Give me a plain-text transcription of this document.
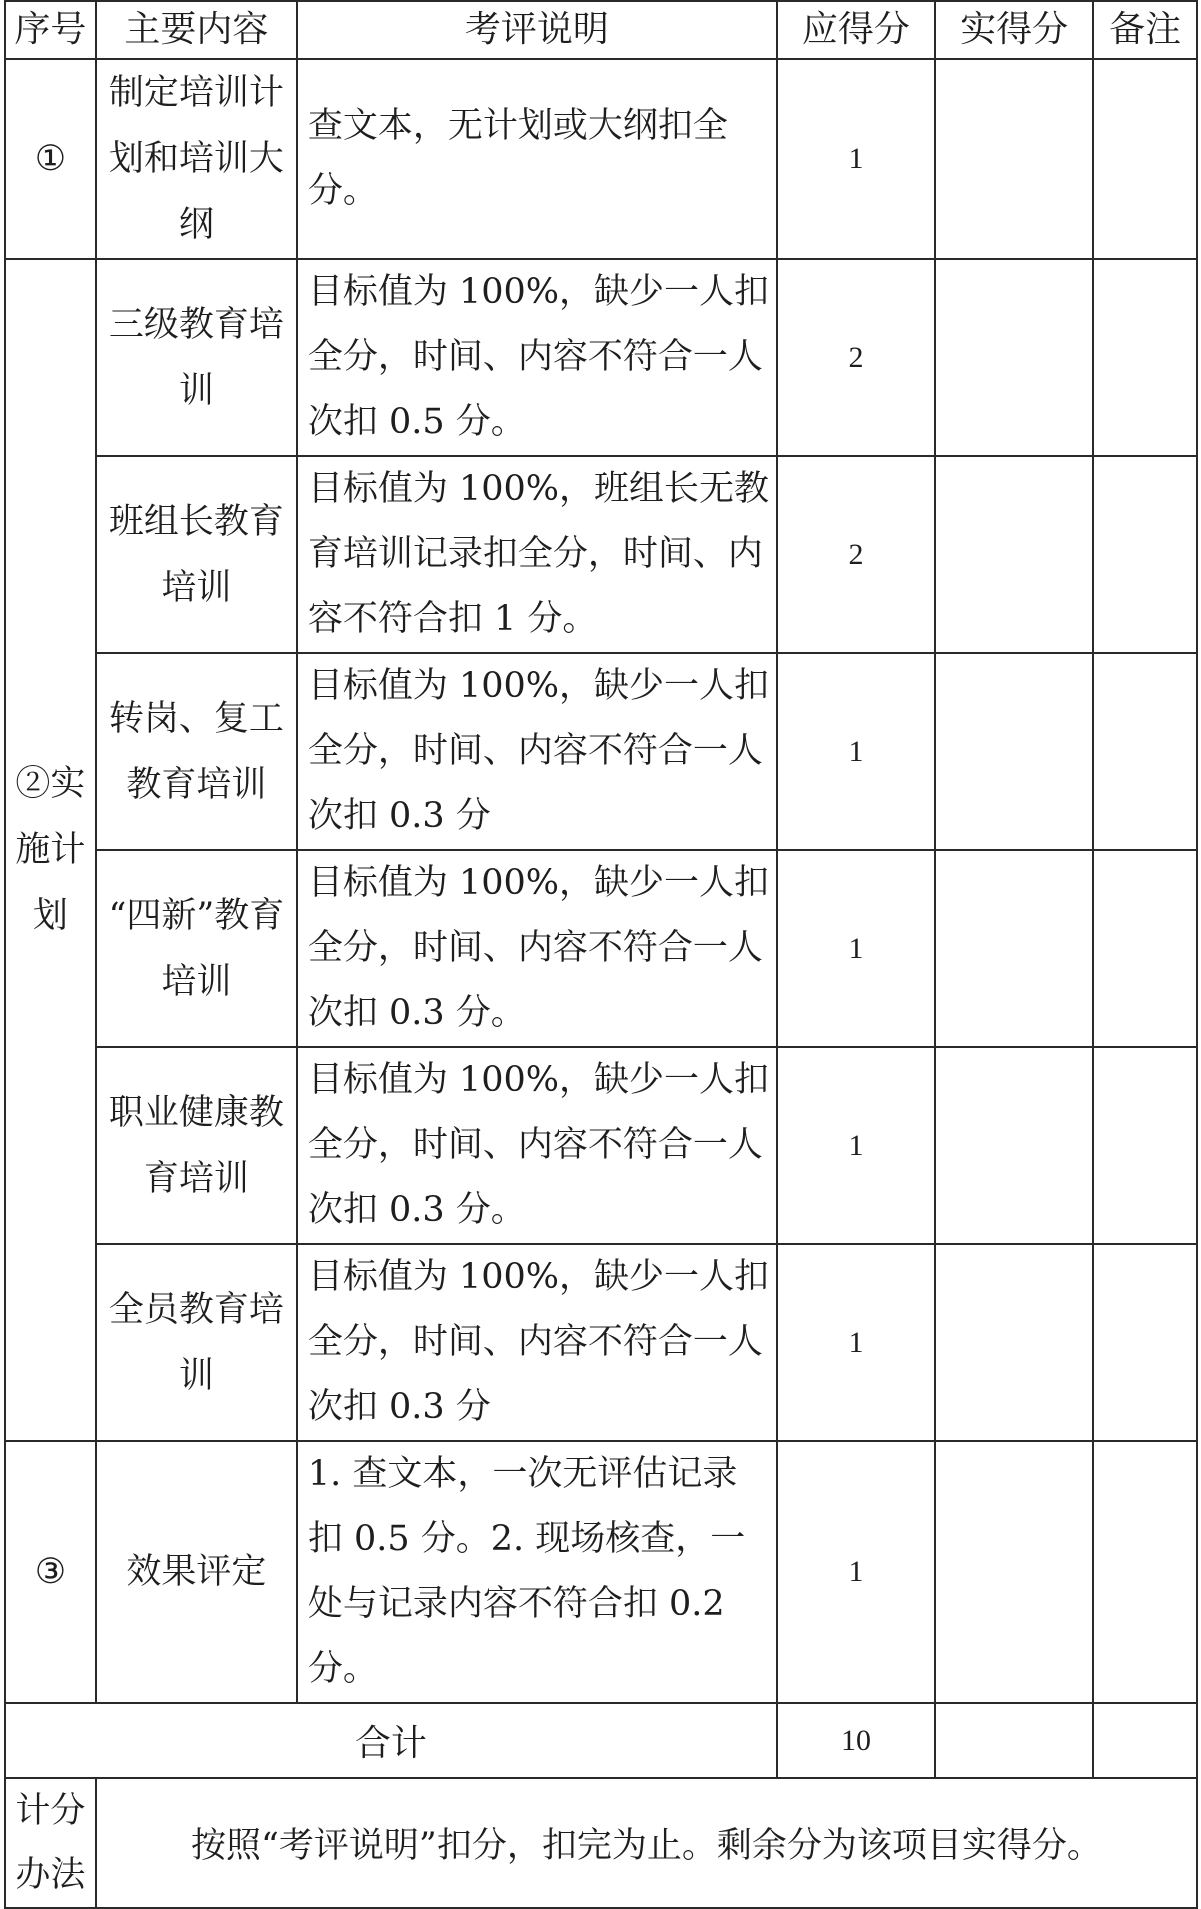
序号	主要内容	考评说明	应得分	实得分	备注
①	制定培训计划和培训大纲	查文本，无计划或大纲扣全分。	1		
②实施计划	三级教育培训	目标值为 100%，缺少一人扣全分，时间、内容不符合一人次扣 0.5 分。	2		
	班组长教育培训	目标值为 100%，班组长无教育培训记录扣全分，时间、内容不符合扣 1 分。	2		
	转岗、复工教育培训	目标值为 100%，缺少一人扣全分，时间、内容不符合一人次扣 0.3 分	1		
	“四新”教育培训	目标值为 100%，缺少一人扣全分，时间、内容不符合一人次扣 0.3 分。	1		
	职业健康教育培训	目标值为 100%，缺少一人扣全分，时间、内容不符合一人次扣 0.3 分。	1		
	全员教育培训	目标值为 100%，缺少一人扣全分，时间、内容不符合一人次扣 0.3 分	1		
③	效果评定	1. 查文本，一次无评估记录扣 0.5 分。2. 现场核查，一处与记录内容不符合扣 0.2 分。	1		
合计			10		
计分办法	按照“考评说明”扣分，扣完为止。剩余分为该项目实得分。				
